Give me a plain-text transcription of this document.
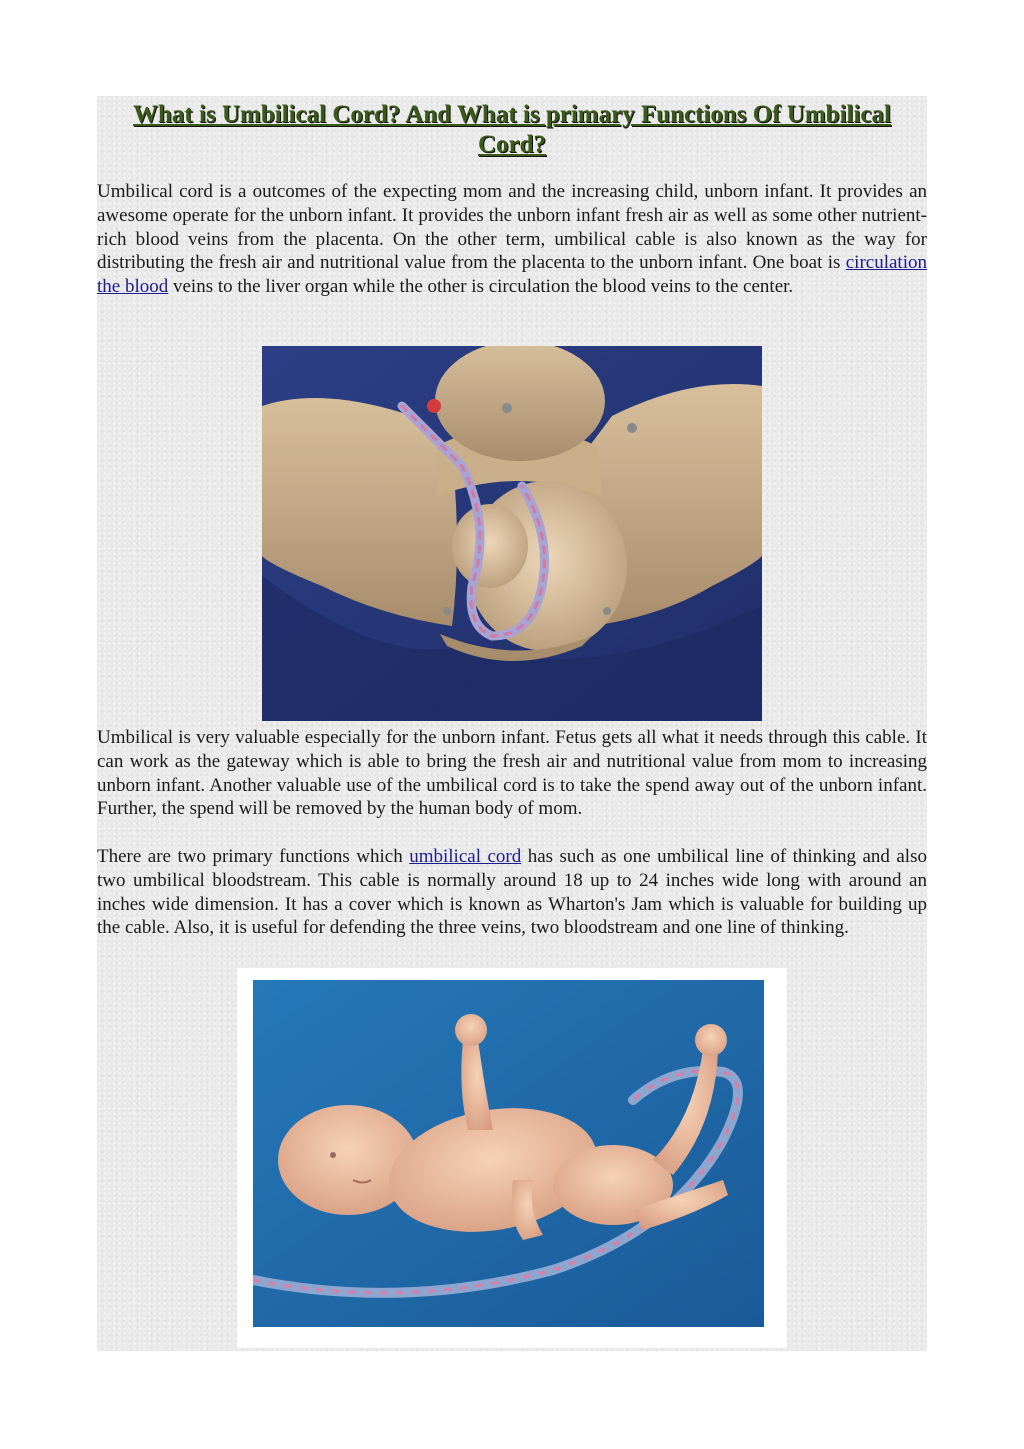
What is Umbilical Cord? And What is primary Functions Of Umbilical Cord?

Umbilical cord is a outcomes of the expecting mom and the increasing child, unborn infant. It provides an awesome operate for the unborn infant. It provides the unborn infant fresh air as well as some other nutrient-rich blood veins from the placenta. On the other term, umbilical cable is also known as the way for distributing the fresh air and nutritional value from the placenta to the unborn infant. One boat is circulation the blood veins to the liver organ while the other is circulation the blood veins to the center.

Umbilical is very valuable especially for the unborn infant. Fetus gets all what it needs through this cable. It can work as the gateway which is able to bring the fresh air and nutritional value from mom to increasing unborn infant. Another valuable use of the umbilical cord is to take the spend away out of the unborn infant. Further, the spend will be removed by the human body of mom.

There are two primary functions which umbilical cord has such as one umbilical line of thinking and also two umbilical bloodstream. This cable is normally around 18 up to 24 inches wide long with around an inches wide dimension. It has a cover which is known as Wharton's Jam which is valuable for building up the cable. Also, it is useful for defending the three veins, two bloodstream and one line of thinking.
